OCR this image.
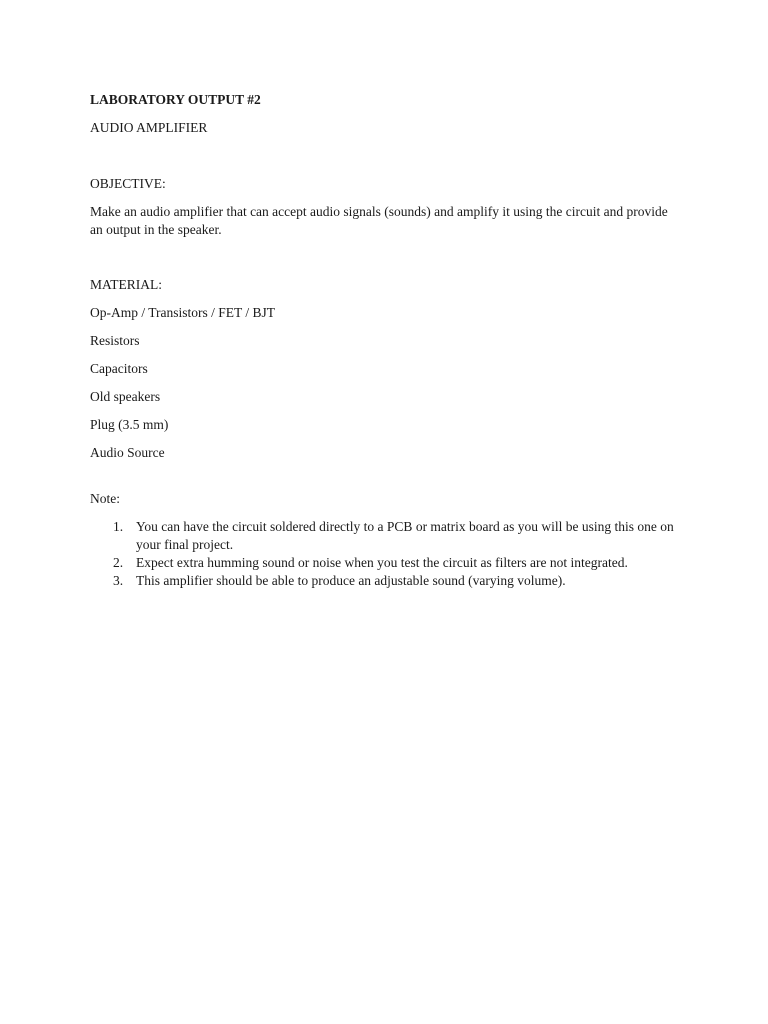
LABORATORY OUTPUT #2

AUDIO AMPLIFIER

OBJECTIVE:

Make an audio amplifier that can accept audio signals (sounds) and amplify it using the circuit and provide an output in the speaker.

MATERIAL:

Op-Amp / Transistors / FET / BJT
Resistors
Capacitors
Old speakers
Plug (3.5 mm)
Audio Source

Note:

1. You can have the circuit soldered directly to a PCB or matrix board as you will be using this one on your final project.
2. Expect extra humming sound or noise when you test the circuit as filters are not integrated.
3. This amplifier should be able to produce an adjustable sound (varying volume).
